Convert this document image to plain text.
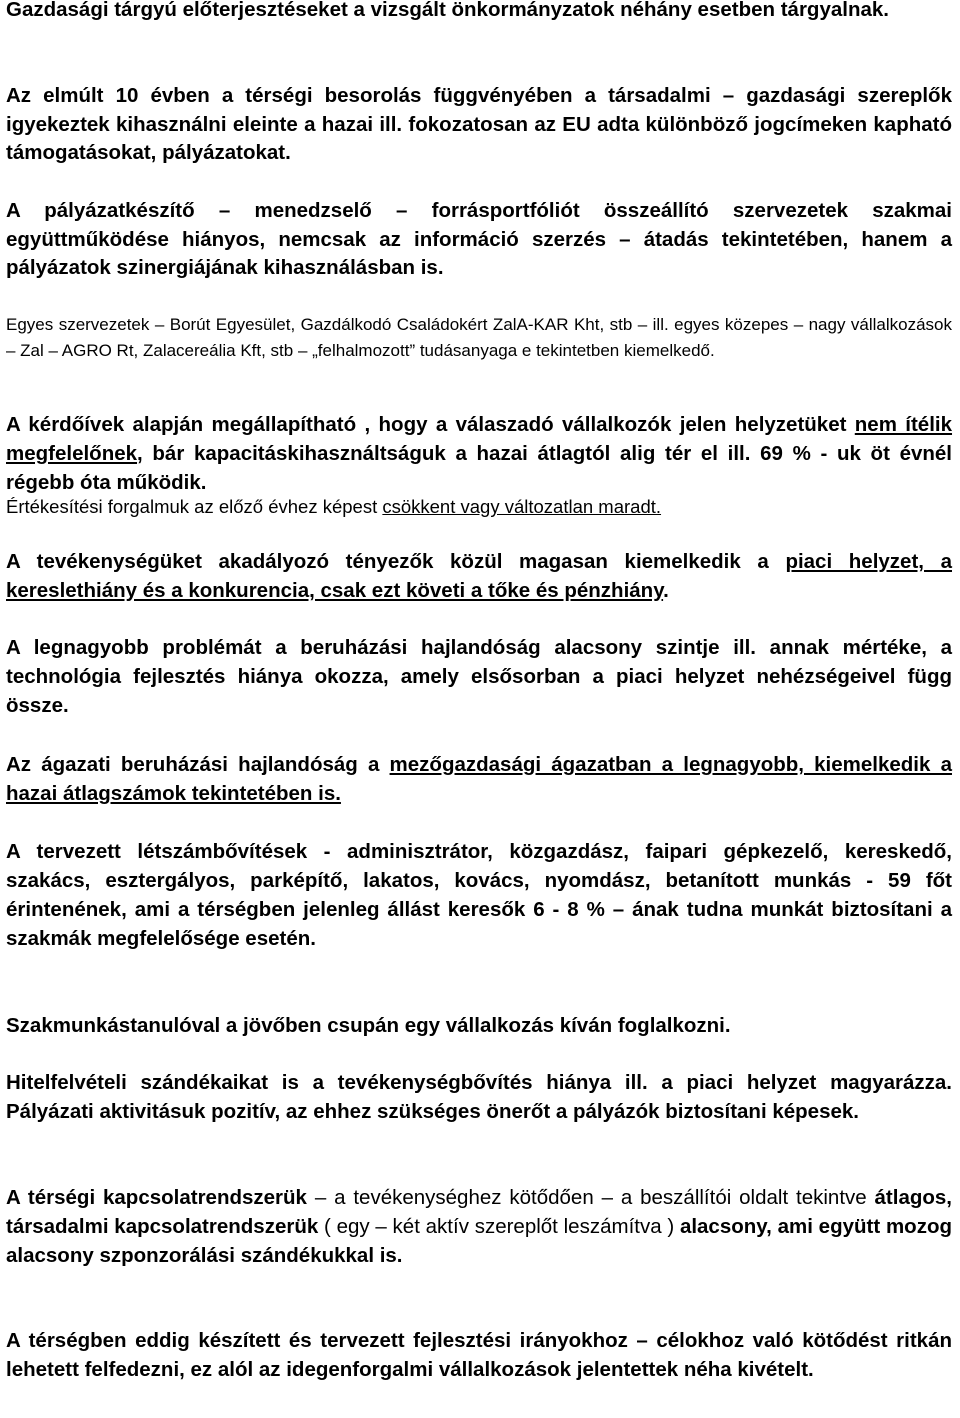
Gazdasági tárgyú előterjesztéseket a vizsgált önkormányzatok néhány esetben tárgyalnak.

Az elmúlt 10 évben a térségi besorolás függvényében a társadalmi – gazdasági szereplők igyekeztek kihasználni eleinte a hazai ill. fokozatosan az EU adta különböző jogcímeken kapható támogatásokat, pályázatokat.

A pályázatkészítő – menedzselő – forrásportfóliót összeállító szervezetek szakmai együttműködése hiányos, nemcsak az információ szerzés – átadás tekintetében, hanem a pályázatok szinergiájának kihasználásban is.

Egyes szervezetek – Borút Egyesület, Gazdálkodó Családokért ZalA-KAR Kht, stb – ill. egyes közepes – nagy vállalkozások – Zal – AGRO Rt, Zalacereália Kft, stb – „felhalmozott” tudásanyaga e tekintetben kiemelkedő.

A kérdőívek alapján megállapítható , hogy a válaszadó vállalkozók jelen helyzetüket nem ítélik megfelelőnek, bár kapacitáskihasználtságuk a hazai átlagtól alig tér el ill. 69 % - uk öt évnél régebb óta működik.

Értékesítési forgalmuk az előző évhez képest csökkent vagy változatlan maradt.

A tevékenységüket akadályozó tényezők közül magasan kiemelkedik a piaci helyzet, a kereslethiány és a konkurencia, csak ezt követi a tőke és pénzhiány.

A legnagyobb problémát a beruházási hajlandóság alacsony szintje ill. annak mértéke, a technológia fejlesztés hiánya okozza, amely elsősorban a piaci helyzet nehézségeivel függ össze.

Az ágazati beruházási hajlandóság a mezőgazdasági ágazatban a legnagyobb, kiemelkedik a hazai átlagszámok tekintetében is.

A tervezett létszámbővítések - adminisztrátor, közgazdász, faipari gépkezelő, kereskedő, szakács, esztergályos, parképítő, lakatos, kovács, nyomdász, betanított munkás - 59 főt érintenének, ami a térségben jelenleg állást keresők 6 - 8 % – ának tudna munkát biztosítani a szakmák megfelelősége esetén.

Szakmunkástanulóval a jövőben csupán egy vállalkozás kíván foglalkozni.

Hitelfelvételi szándékaikat is a tevékenységbővítés hiánya ill. a piaci helyzet magyarázza. Pályázati aktivitásuk pozitív, az ehhez szükséges önerőt a pályázók biztosítani képesek.

A térségi kapcsolatrendszerük – a tevékenységhez kötődően – a beszállítói oldalt tekintve átlagos, társadalmi kapcsolatrendszerük ( egy – két aktív szereplőt leszámítva ) alacsony, ami együtt mozog alacsony szponzorálási szándékukkal is.

A térségben eddig készített és tervezett fejlesztési irányokhoz – célokhoz való kötődést ritkán lehetett felfedezni, ez alól az idegenforgalmi vállalkozások jelentettek néha kivételt.
